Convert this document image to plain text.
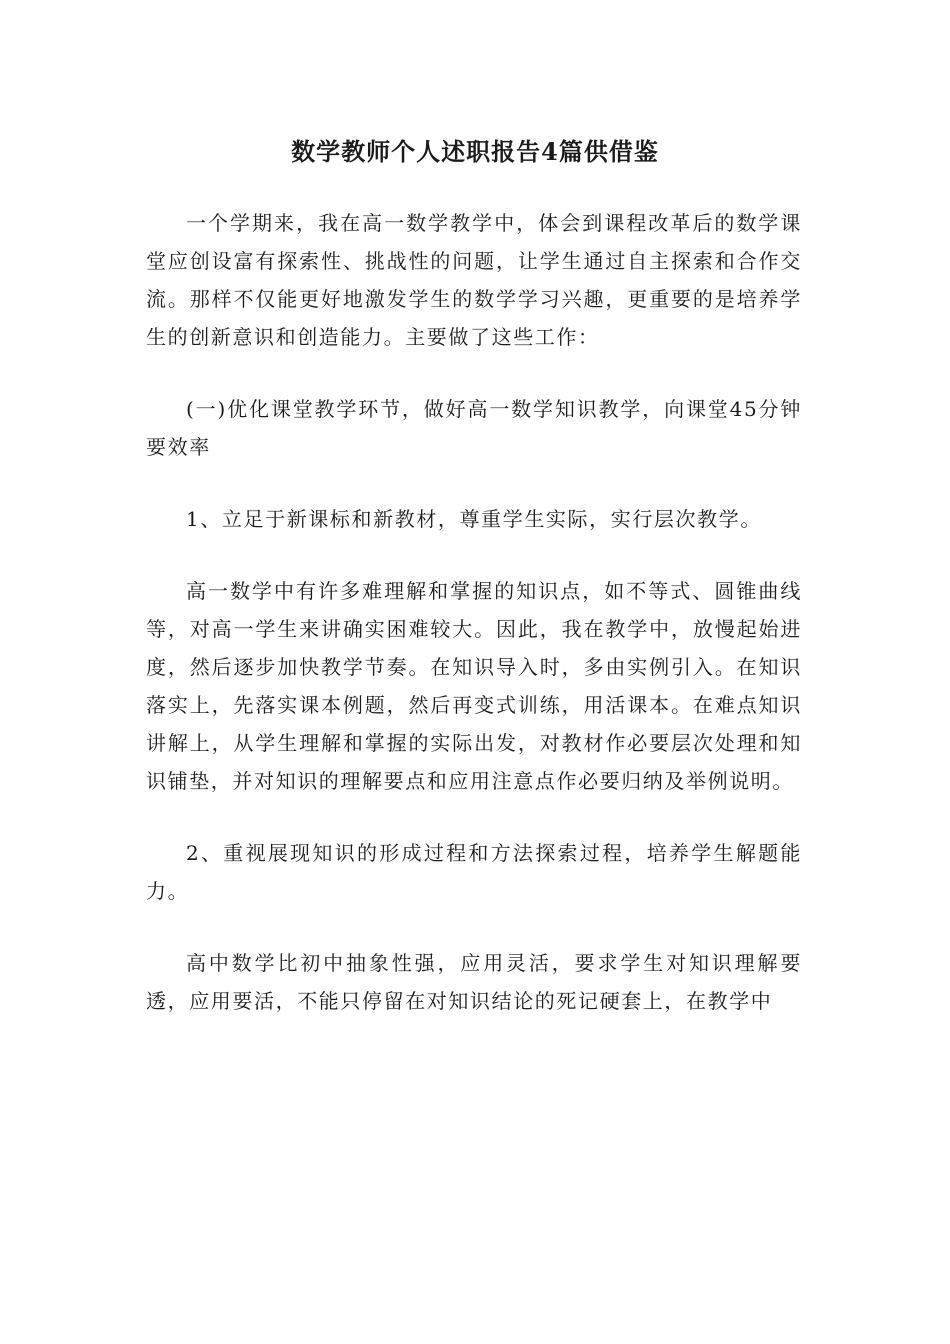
数学教师个人述职报告4篇供借鉴

一个学期来，我在高一数学教学中，体会到课程改革后的数学课堂应创设富有探索性、挑战性的问题，让学生通过自主探索和合作交流。那样不仅能更好地激发学生的数学学习兴趣，更重要的是培养学生的创新意识和创造能力。主要做了这些工作：

(一)优化课堂教学环节，做好高一数学知识教学，向课堂45分钟要效率

1、立足于新课标和新教材，尊重学生实际，实行层次教学。

高一数学中有许多难理解和掌握的知识点，如不等式、圆锥曲线等，对高一学生来讲确实困难较大。因此，我在教学中，放慢起始进度，然后逐步加快教学节奏。在知识导入时，多由实例引入。在知识落实上，先落实课本例题，然后再变式训练，用活课本。在难点知识讲解上，从学生理解和掌握的实际出发，对教材作必要层次处理和知识铺垫，并对知识的理解要点和应用注意点作必要归纳及举例说明。

2、重视展现知识的形成过程和方法探索过程，培养学生解题能力。

高中数学比初中抽象性强，应用灵活，要求学生对知识理解要透，应用要活，不能只停留在对知识结论的死记硬套上，在教学中
